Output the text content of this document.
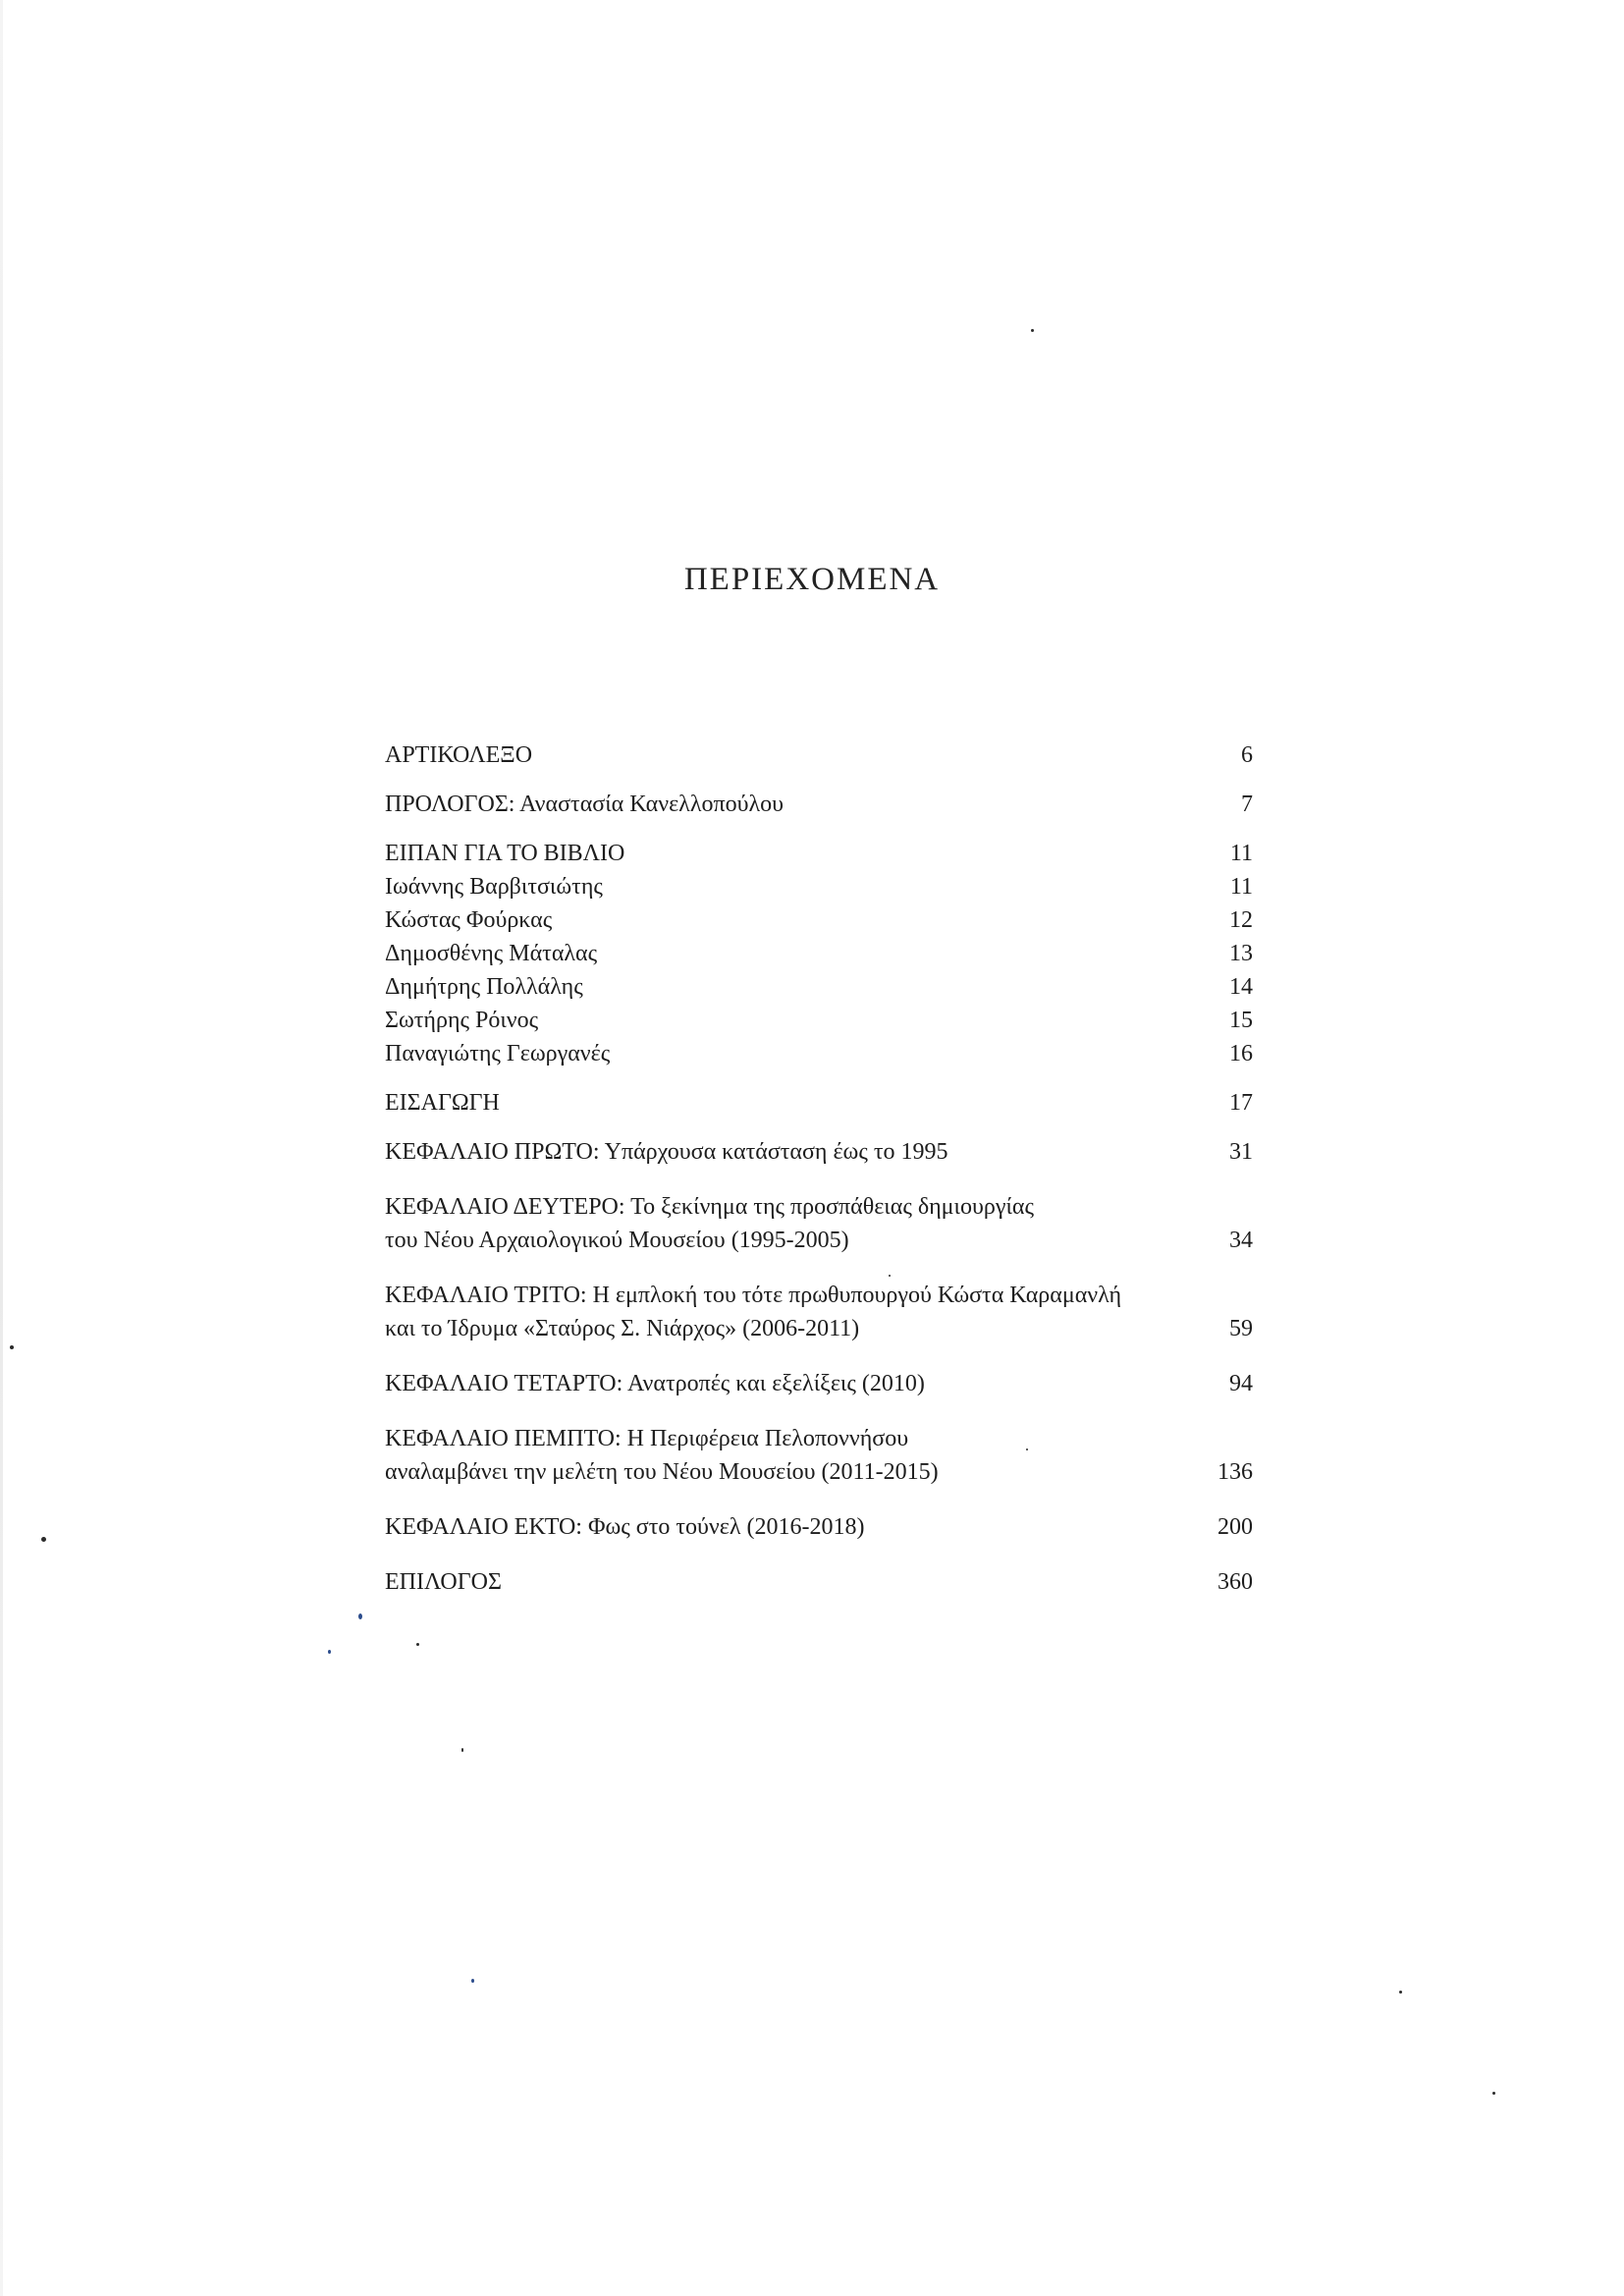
ΠΕΡΙΕΧΟΜΕΝΑ
ΑΡΤΙΚΟΛΕΞΟ	6
ΠΡΟΛΟΓΟΣ: Αναστασία Κανελλοπούλου	7
ΕΙΠΑΝ ΓΙΑ ΤΟ ΒΙΒΛΙΟ	11
Ιωάννης Βαρβιτσιώτης	11
Κώστας Φούρκας	12
Δημοσθένης Μάταλας	13
Δημήτρης Πολλάλης	14
Σωτήρης Ρόινος	15
Παναγιώτης Γεωργανές	16
ΕΙΣΑΓΩΓΗ	17
ΚΕΦΑΛΑΙΟ ΠΡΩΤΟ: Υπάρχουσα κατάσταση έως το 1995	31
ΚΕΦΑΛΑΙΟ ΔΕΥΤΕΡΟ: Το ξεκίνημα της προσπάθειας δημιουργίας
του Νέου Αρχαιολογικού Μουσείου (1995-2005)	34
ΚΕΦΑΛΑΙΟ ΤΡΙΤΟ: Η εμπλοκή του τότε πρωθυπουργού Κώστα Καραμανλή
και το Ίδρυμα «Σταύρος Σ. Νιάρχος» (2006-2011)	59
ΚΕΦΑΛΑΙΟ ΤΕΤΑΡΤΟ: Ανατροπές και εξελίξεις (2010)	94
ΚΕΦΑΛΑΙΟ ΠΕΜΠΤΟ: Η Περιφέρεια Πελοποννήσου
αναλαμβάνει την μελέτη του Νέου Μουσείου (2011-2015)	136
ΚΕΦΑΛΑΙΟ ΕΚΤΟ: Φως στο τούνελ (2016-2018)	200
ΕΠΙΛΟΓΟΣ	360
